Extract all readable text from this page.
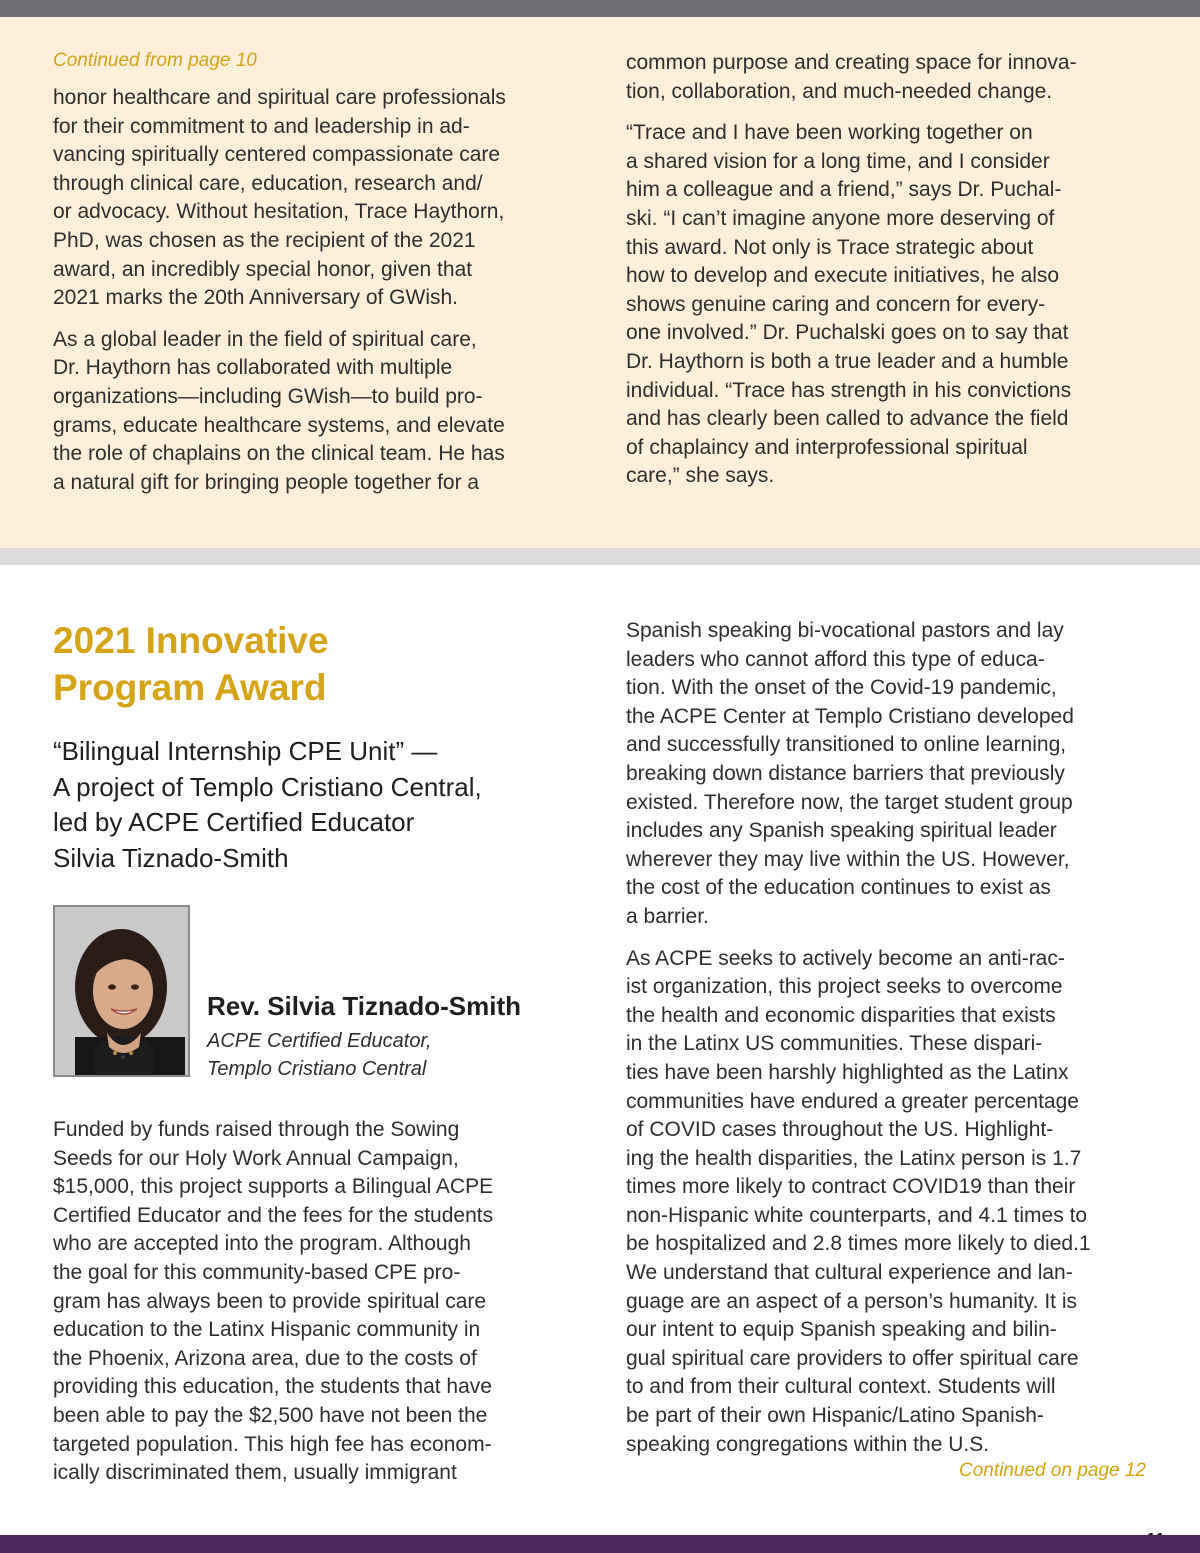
Continued from page 10

honor healthcare and spiritual care professionals
for their commitment to and leadership in ad-
vancing spiritually centered compassionate care
through clinical care, education, research and/
or advocacy. Without hesitation, Trace Haythorn,
PhD, was chosen as the recipient of the 2021
award, an incredibly special honor, given that
2021 marks the 20th Anniversary of GWish.

As a global leader in the field of spiritual care,
Dr. Haythorn has collaborated with multiple
organizations—including GWish—to build pro-
grams, educate healthcare systems, and elevate
the role of chaplains on the clinical team. He has
a natural gift for bringing people together for a

common purpose and creating space for innova-
tion, collaboration, and much-needed change.

“Trace and I have been working together on
a shared vision for a long time, and I consider
him a colleague and a friend,” says Dr. Puchal-
ski. “I can’t imagine anyone more deserving of
this award. Not only is Trace strategic about
how to develop and execute initiatives, he also
shows genuine caring and concern for every-
one involved.” Dr. Puchalski goes on to say that
Dr. Haythorn is both a true leader and a humble
individual. “Trace has strength in his convictions
and has clearly been called to advance the field
of chaplaincy and interprofessional spiritual
care,” she says.

2021 Innovative
Program Award

“Bilingual Internship CPE Unit” —
A project of Templo Cristiano Central,
led by ACPE Certified Educator
Silvia Tiznado-Smith

Rev. Silvia Tiznado-Smith
ACPE Certified Educator,
Templo Cristiano Central

Funded by funds raised through the Sowing
Seeds for our Holy Work Annual Campaign,
$15,000, this project supports a Bilingual ACPE
Certified Educator and the fees for the students
who are accepted into the program. Although
the goal for this community-based CPE pro-
gram has always been to provide spiritual care
education to the Latinx Hispanic community in
the Phoenix, Arizona area, due to the costs of
providing this education, the students that have
been able to pay the $2,500 have not been the
targeted population. This high fee has econom-
ically discriminated them, usually immigrant

Spanish speaking bi-vocational pastors and lay
leaders who cannot afford this type of educa-
tion. With the onset of the Covid-19 pandemic,
the ACPE Center at Templo Cristiano developed
and successfully transitioned to online learning,
breaking down distance barriers that previously
existed. Therefore now, the target student group
includes any Spanish speaking spiritual leader
wherever they may live within the US. However,
the cost of the education continues to exist as
a barrier.

As ACPE seeks to actively become an anti-rac-
ist organization, this project seeks to overcome
the health and economic disparities that exists
in the Latinx US communities. These dispari-
ties have been harshly highlighted as the Latinx
communities have endured a greater percentage
of COVID cases throughout the US. Highlight-
ing the health disparities, the Latinx person is 1.7
times more likely to contract COVID19 than their
non-Hispanic white counterparts, and 4.1 times to
be hospitalized and 2.8 times more likely to died.1
We understand that cultural experience and lan-
guage are an aspect of a person’s humanity. It is
our intent to equip Spanish speaking and bilin-
gual spiritual care providers to offer spiritual care
to and from their cultural context. Students will
be part of their own Hispanic/Latino Spanish-
speaking congregations within the U.S.

Continued on page 12
